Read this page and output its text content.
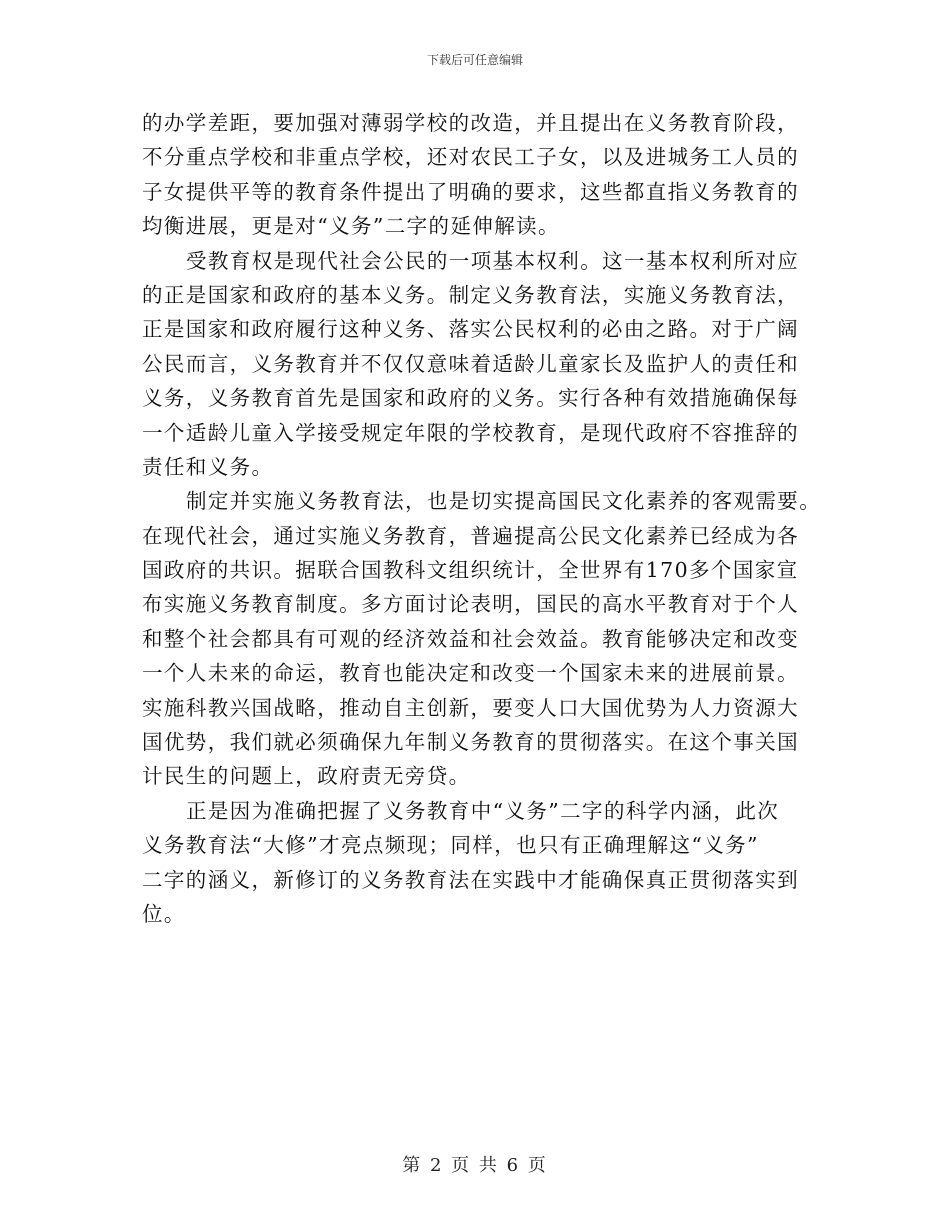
下载后可任意编辑
的办学差距，要加强对薄弱学校的改造，并且提出在义务教育阶段，
不分重点学校和非重点学校，还对农民工子女，以及进城务工人员的
子女提供平等的教育条件提出了明确的要求，这些都直指义务教育的
均衡进展，更是对“义务”二字的延伸解读。
受教育权是现代社会公民的一项基本权利。这一基本权利所对应
的正是国家和政府的基本义务。制定义务教育法，实施义务教育法，
正是国家和政府履行这种义务、落实公民权利的必由之路。对于广阔
公民而言，义务教育并不仅仅意味着适龄儿童家长及监护人的责任和
义务，义务教育首先是国家和政府的义务。实行各种有效措施确保每
一个适龄儿童入学接受规定年限的学校教育，是现代政府不容推辞的
责任和义务。
制定并实施义务教育法，也是切实提高国民文化素养的客观需要。
在现代社会，通过实施义务教育，普遍提高公民文化素养已经成为各
国政府的共识。据联合国教科文组织统计，全世界有170多个国家宣
布实施义务教育制度。多方面讨论表明，国民的高水平教育对于个人
和整个社会都具有可观的经济效益和社会效益。教育能够决定和改变
一个人未来的命运，教育也能决定和改变一个国家未来的进展前景。
实施科教兴国战略，推动自主创新，要变人口大国优势为人力资源大
国优势，我们就必须确保九年制义务教育的贯彻落实。在这个事关国
计民生的问题上，政府责无旁贷。
正是因为准确把握了义务教育中“义务”二字的科学内涵，此次
义务教育法“大修”才亮点频现；同样，也只有正确理解这“义务”
二字的涵义，新修订的义务教育法在实践中才能确保真正贯彻落实到
位。
第 2 页 共 6 页
